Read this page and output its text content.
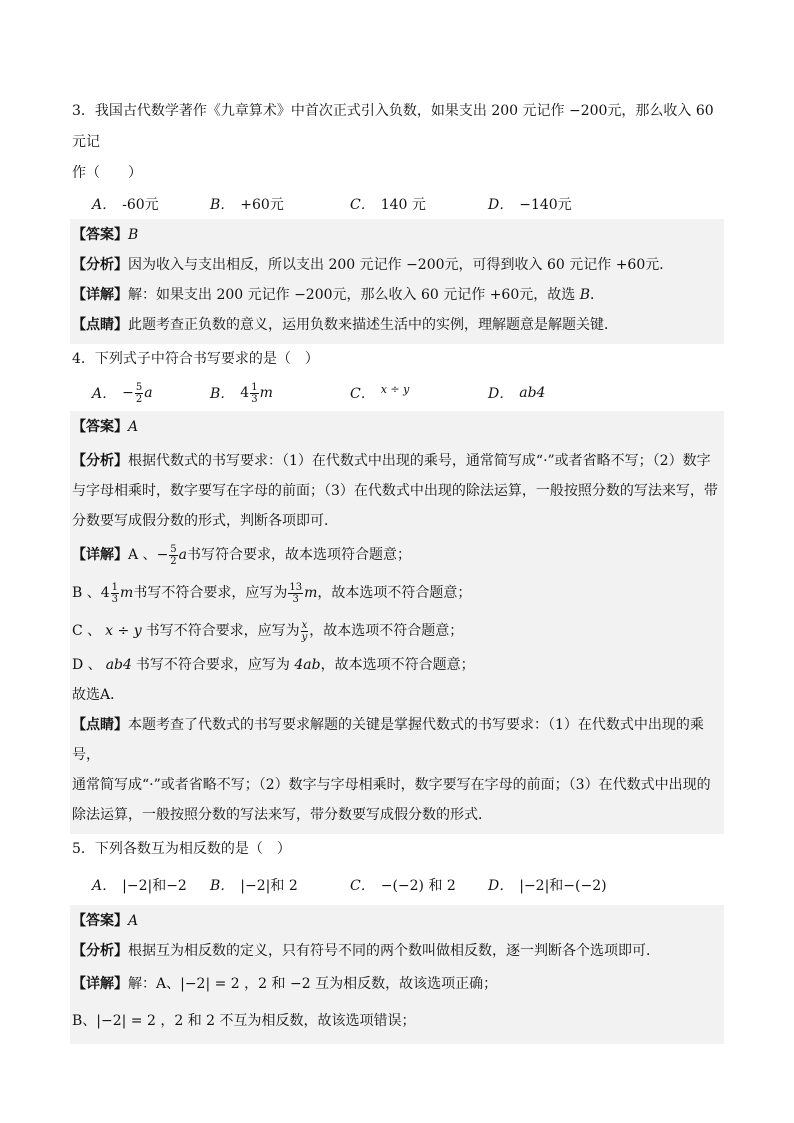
3．我国古代数学著作《九章算术》中首次正式引入负数，如果支出 200 元记作 −200元，那么收入 60 元记
作（　　）
A． -60元	B． +60元	C． 140 元	D． −140元
【答案】B
【分析】因为收入与支出相反，所以支出 200 元记作 −200元，可得到收入 60 元记作 +60元．
【详解】解：如果支出 200 元记作 −200元，那么收入 60 元记作 +60元，故选 B．
【点睛】此题考查正负数的意义，运用负数来描述生活中的实例，理解题意是解题关键．
4．下列式子中符合书写要求的是（　）
A． − $\frac{5}{2}$ a	B． $4 \frac{1}{3}$ m	C． x ÷ y	D． ab4
【答案】A
【分析】根据代数式的书写要求：（1）在代数式中出现的乘号，通常简写成“·”或者省略不写；（2）数字
与字母相乘时，数字要写在字母的前面；（3）在代数式中出现的除法运算，一般按照分数的写法来写，带
分数要写成假分数的形式，判断各项即可．
【详解】 A 、 − $\frac{5}{2}$ a 书写符合要求，故本选项符合题意；
B 、 $4 \frac{1}{3}$ m 书写不符合要求，应写为 $\frac{13}{3}$ m ，故本选项不符合题意；
C 、 x ÷ y 书写不符合要求，应写为 $\frac{x}{y}$ ，故本选项不符合题意；
D 、 ab4 书写不符合要求，应写为 4ab，故本选项不符合题意；
故选A．
【点睛】本题考查了代数式的书写要求解题的关键是掌握代数式的书写要求：（1）在代数式中出现的乘号，
通常简写成“·”或者省略不写；（2）数字与字母相乘时，数字要写在字母的前面；（3）在代数式中出现的
除法运算，一般按照分数的写法来写，带分数要写成假分数的形式．
5．下列各数互为相反数的是（　）
A． |−2|和−2 B． |−2|和 2	C． −(−2) 和 2 D． |−2|和−(−2)
【答案】A
【分析】根据互为相反数的定义，只有符号不同的两个数叫做相反数，逐一判断各个选项即可．
【详解】解：A、|−2| = 2 ，2 和 −2 互为相反数，故该选项正确；
B、|−2| = 2 ，2 和 2 不互为相反数，故该选项错误；
